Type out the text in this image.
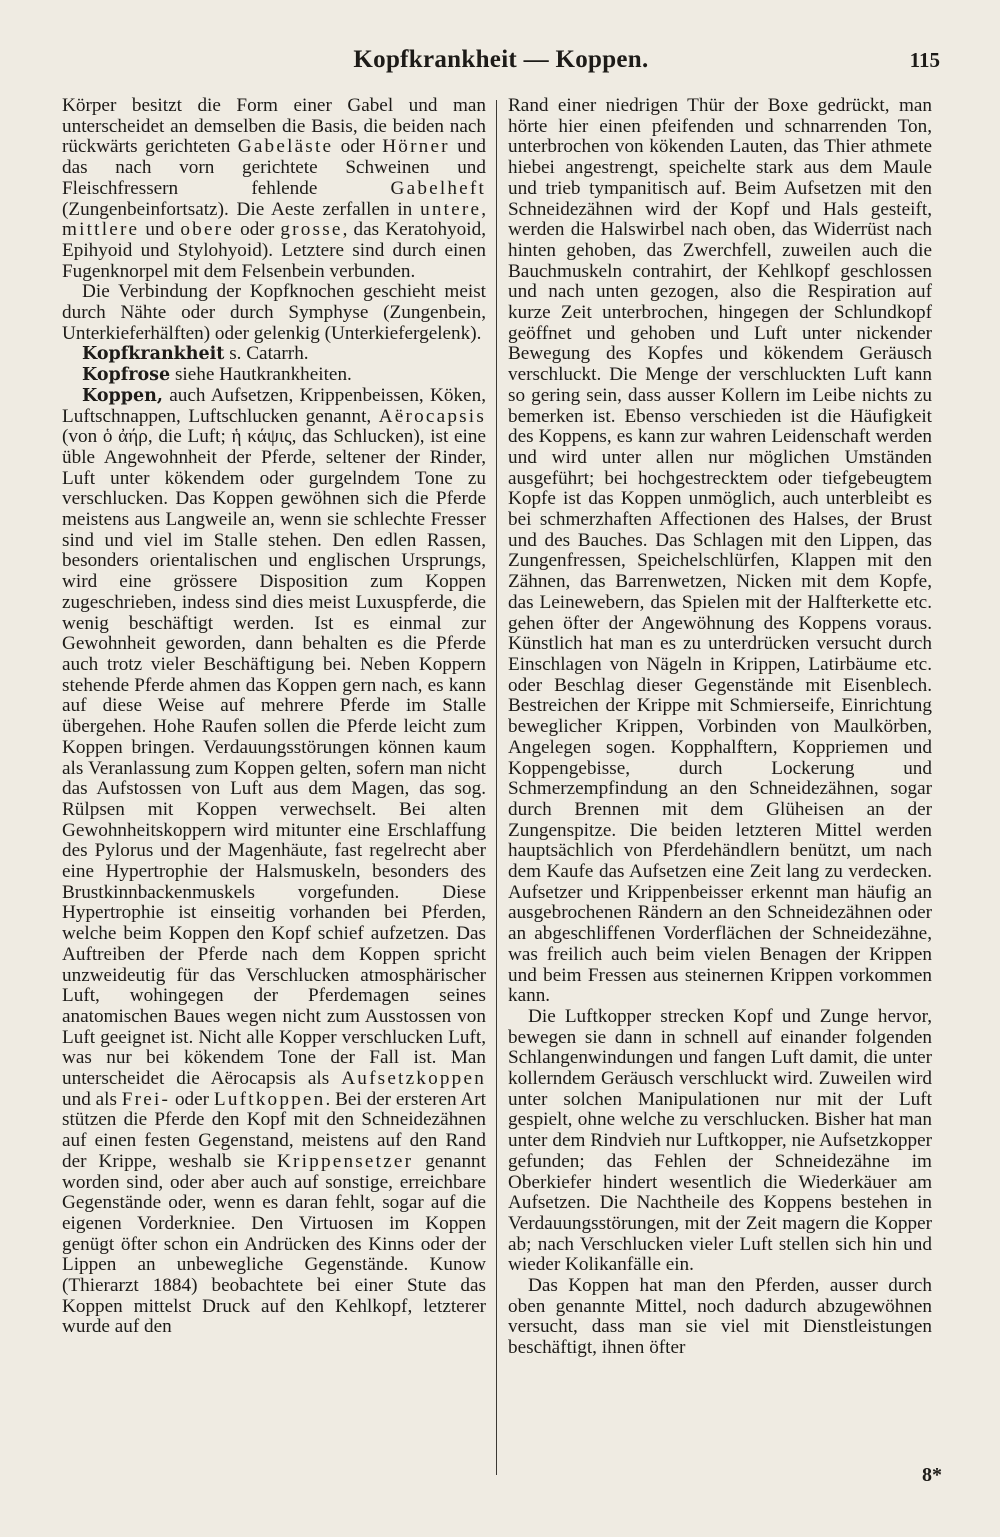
Kopfkrankheit — Koppen.	115

Körper besitzt die Form einer Gabel und man unterscheidet an demselben die Basis, die beiden nach rückwärts gerichteten Gabeläste oder Hörner und das nach vorn gerichtete Schweinen und Fleischfressern fehlende Gabelheft (Zungenbeinfortsatz). Die Aeste zerfallen in untere, mittlere und obere oder grosse, das Keratohyoid, Epihyoid und Stylohyoid). Letztere sind durch einen Fugenknorpel mit dem Felsenbein verbunden.

Die Verbindung der Kopfknochen geschieht meist durch Nähte oder durch Symphyse (Zungenbein, Unterkieferhälften) oder gelenkig (Unterkiefergelenk).

Kopfkrankheit s. Catarrh.

Kopfrose siehe Hautkrankheiten.

Koppen, auch Aufsetzen, Krippenbeissen, Köken, Luftschnappen, Luftschlucken genannt, Aërocapsis (von ὁ ἀήρ, die Luft; ἡ κάψις, das Schlucken), ist eine üble Angewohnheit der Pferde, seltener der Rinder, Luft unter kökendem oder gurgelndem Tone zu verschlucken. Das Koppen gewöhnen sich die Pferde meistens aus Langweile an, wenn sie schlechte Fresser sind und viel im Stalle stehen. Den edlen Rassen, besonders orientalischen und englischen Ursprungs, wird eine grössere Disposition zum Koppen zugeschrieben, indess sind dies meist Luxuspferde, die wenig beschäftigt werden. Ist es einmal zur Gewohnheit geworden, dann behalten es die Pferde auch trotz vieler Beschäftigung bei. Neben Koppern stehende Pferde ahmen das Koppen gern nach, es kann auf diese Weise auf mehrere Pferde im Stalle übergehen. Hohe Raufen sollen die Pferde leicht zum Koppen bringen. Verdauungsstörungen können kaum als Veranlassung zum Koppen gelten, sofern man nicht das Aufstossen von Luft aus dem Magen, das sog. Rülpsen mit Koppen verwechselt. Bei alten Gewohnheitskoppern wird mitunter eine Erschlaffung des Pylorus und der Magenhäute, fast regelrecht aber eine Hypertrophie der Halsmuskeln, besonders des Brustkinnbackenmuskels vorgefunden. Diese Hypertrophie ist einseitig vorhanden bei Pferden, welche beim Koppen den Kopf schief aufzetzen. Das Auftreiben der Pferde nach dem Koppen spricht unzweideutig für das Verschlucken atmosphärischer Luft, wohingegen der Pferdemagen seines anatomischen Baues wegen nicht zum Ausstossen von Luft geeignet ist. Nicht alle Kopper verschlucken Luft, was nur bei kökendem Tone der Fall ist. Man unterscheidet die Aërocapsis als Aufsetzkoppen und als Frei- oder Luftkoppen. Bei der ersteren Art stützen die Pferde den Kopf mit den Schneidezähnen auf einen festen Gegenstand, meistens auf den Rand der Krippe, weshalb sie Krippensetzer genannt worden sind, oder aber auch auf sonstige, erreichbare Gegenstände oder, wenn es daran fehlt, sogar auf die eigenen Vorderkniee. Den Virtuosen im Koppen genügt öfter schon ein Andrücken des Kinns oder der Lippen an unbewegliche Gegenstände. Kunow (Thierarzt 1884) beobachtete bei einer Stute das Koppen mittelst Druck auf den Kehlkopf, letzterer wurde auf den

Rand einer niedrigen Thür der Boxe gedrückt, man hörte hier einen pfeifenden und schnarrenden Ton, unterbrochen von kökenden Lauten, das Thier athmete hiebei angestrengt, speichelte stark aus dem Maule und trieb tympanitisch auf. Beim Aufsetzen mit den Schneidezähnen wird der Kopf und Hals gesteift, werden die Halswirbel nach oben, das Widerrüst nach hinten gehoben, das Zwerchfell, zuweilen auch die Bauchmuskeln contrahirt, der Kehlkopf geschlossen und nach unten gezogen, also die Respiration auf kurze Zeit unterbrochen, hingegen der Schlundkopf geöffnet und gehoben und Luft unter nickender Bewegung des Kopfes und kökendem Geräusch verschluckt. Die Menge der verschluckten Luft kann so gering sein, dass ausser Kollern im Leibe nichts zu bemerken ist. Ebenso verschieden ist die Häufigkeit des Koppens, es kann zur wahren Leidenschaft werden und wird unter allen nur möglichen Umständen ausgeführt; bei hochgestrecktem oder tiefgebeugtem Kopfe ist das Koppen unmöglich, auch unterbleibt es bei schmerzhaften Affectionen des Halses, der Brust und des Bauches. Das Schlagen mit den Lippen, das Zungenfressen, Speichelschlürfen, Klappen mit den Zähnen, das Barrenwetzen, Nicken mit dem Kopfe, das Leinewebern, das Spielen mit der Halfterkette etc. gehen öfter der Angewöhnung des Koppens voraus. Künstlich hat man es zu unterdrücken versucht durch Einschlagen von Nägeln in Krippen, Latirbäume etc. oder Beschlag dieser Gegenstände mit Eisenblech. Bestreichen der Krippe mit Schmierseife, Einrichtung beweglicher Krippen, Vorbinden von Maulkörben, Angelegen sogen. Kopphalftern, Koppriemen und Koppengebisse, durch Lockerung und Schmerzempfindung an den Schneidezähnen, sogar durch Brennen mit dem Glüheisen an der Zungenspitze. Die beiden letzteren Mittel werden hauptsächlich von Pferdehändlern benützt, um nach dem Kaufe das Aufsetzen eine Zeit lang zu verdecken. Aufsetzer und Krippenbeisser erkennt man häufig an ausgebrochenen Rändern an den Schneidezähnen oder an abgeschliffenen Vorderflächen der Schneidezähne, was freilich auch beim vielen Benagen der Krippen und beim Fressen aus steinernen Krippen vorkommen kann.

Die Luftkopper strecken Kopf und Zunge hervor, bewegen sie dann in schnell auf einander folgenden Schlangenwindungen und fangen Luft damit, die unter kollerndem Geräusch verschluckt wird. Zuweilen wird unter solchen Manipulationen nur mit der Luft gespielt, ohne welche zu verschlucken. Bisher hat man unter dem Rindvieh nur Luftkopper, nie Aufsetzkopper gefunden; das Fehlen der Schneidezähne im Oberkiefer hindert wesentlich die Wiederkäuer am Aufsetzen. Die Nachtheile des Koppens bestehen in Verdauungsstörungen, mit der Zeit magern die Kopper ab; nach Verschlucken vieler Luft stellen sich hin und wieder Kolikanfälle ein.

Das Koppen hat man den Pferden, ausser durch oben genannte Mittel, noch dadurch abzugewöhnen versucht, dass man sie viel mit Dienstleistungen beschäftigt, ihnen öfter

8*
